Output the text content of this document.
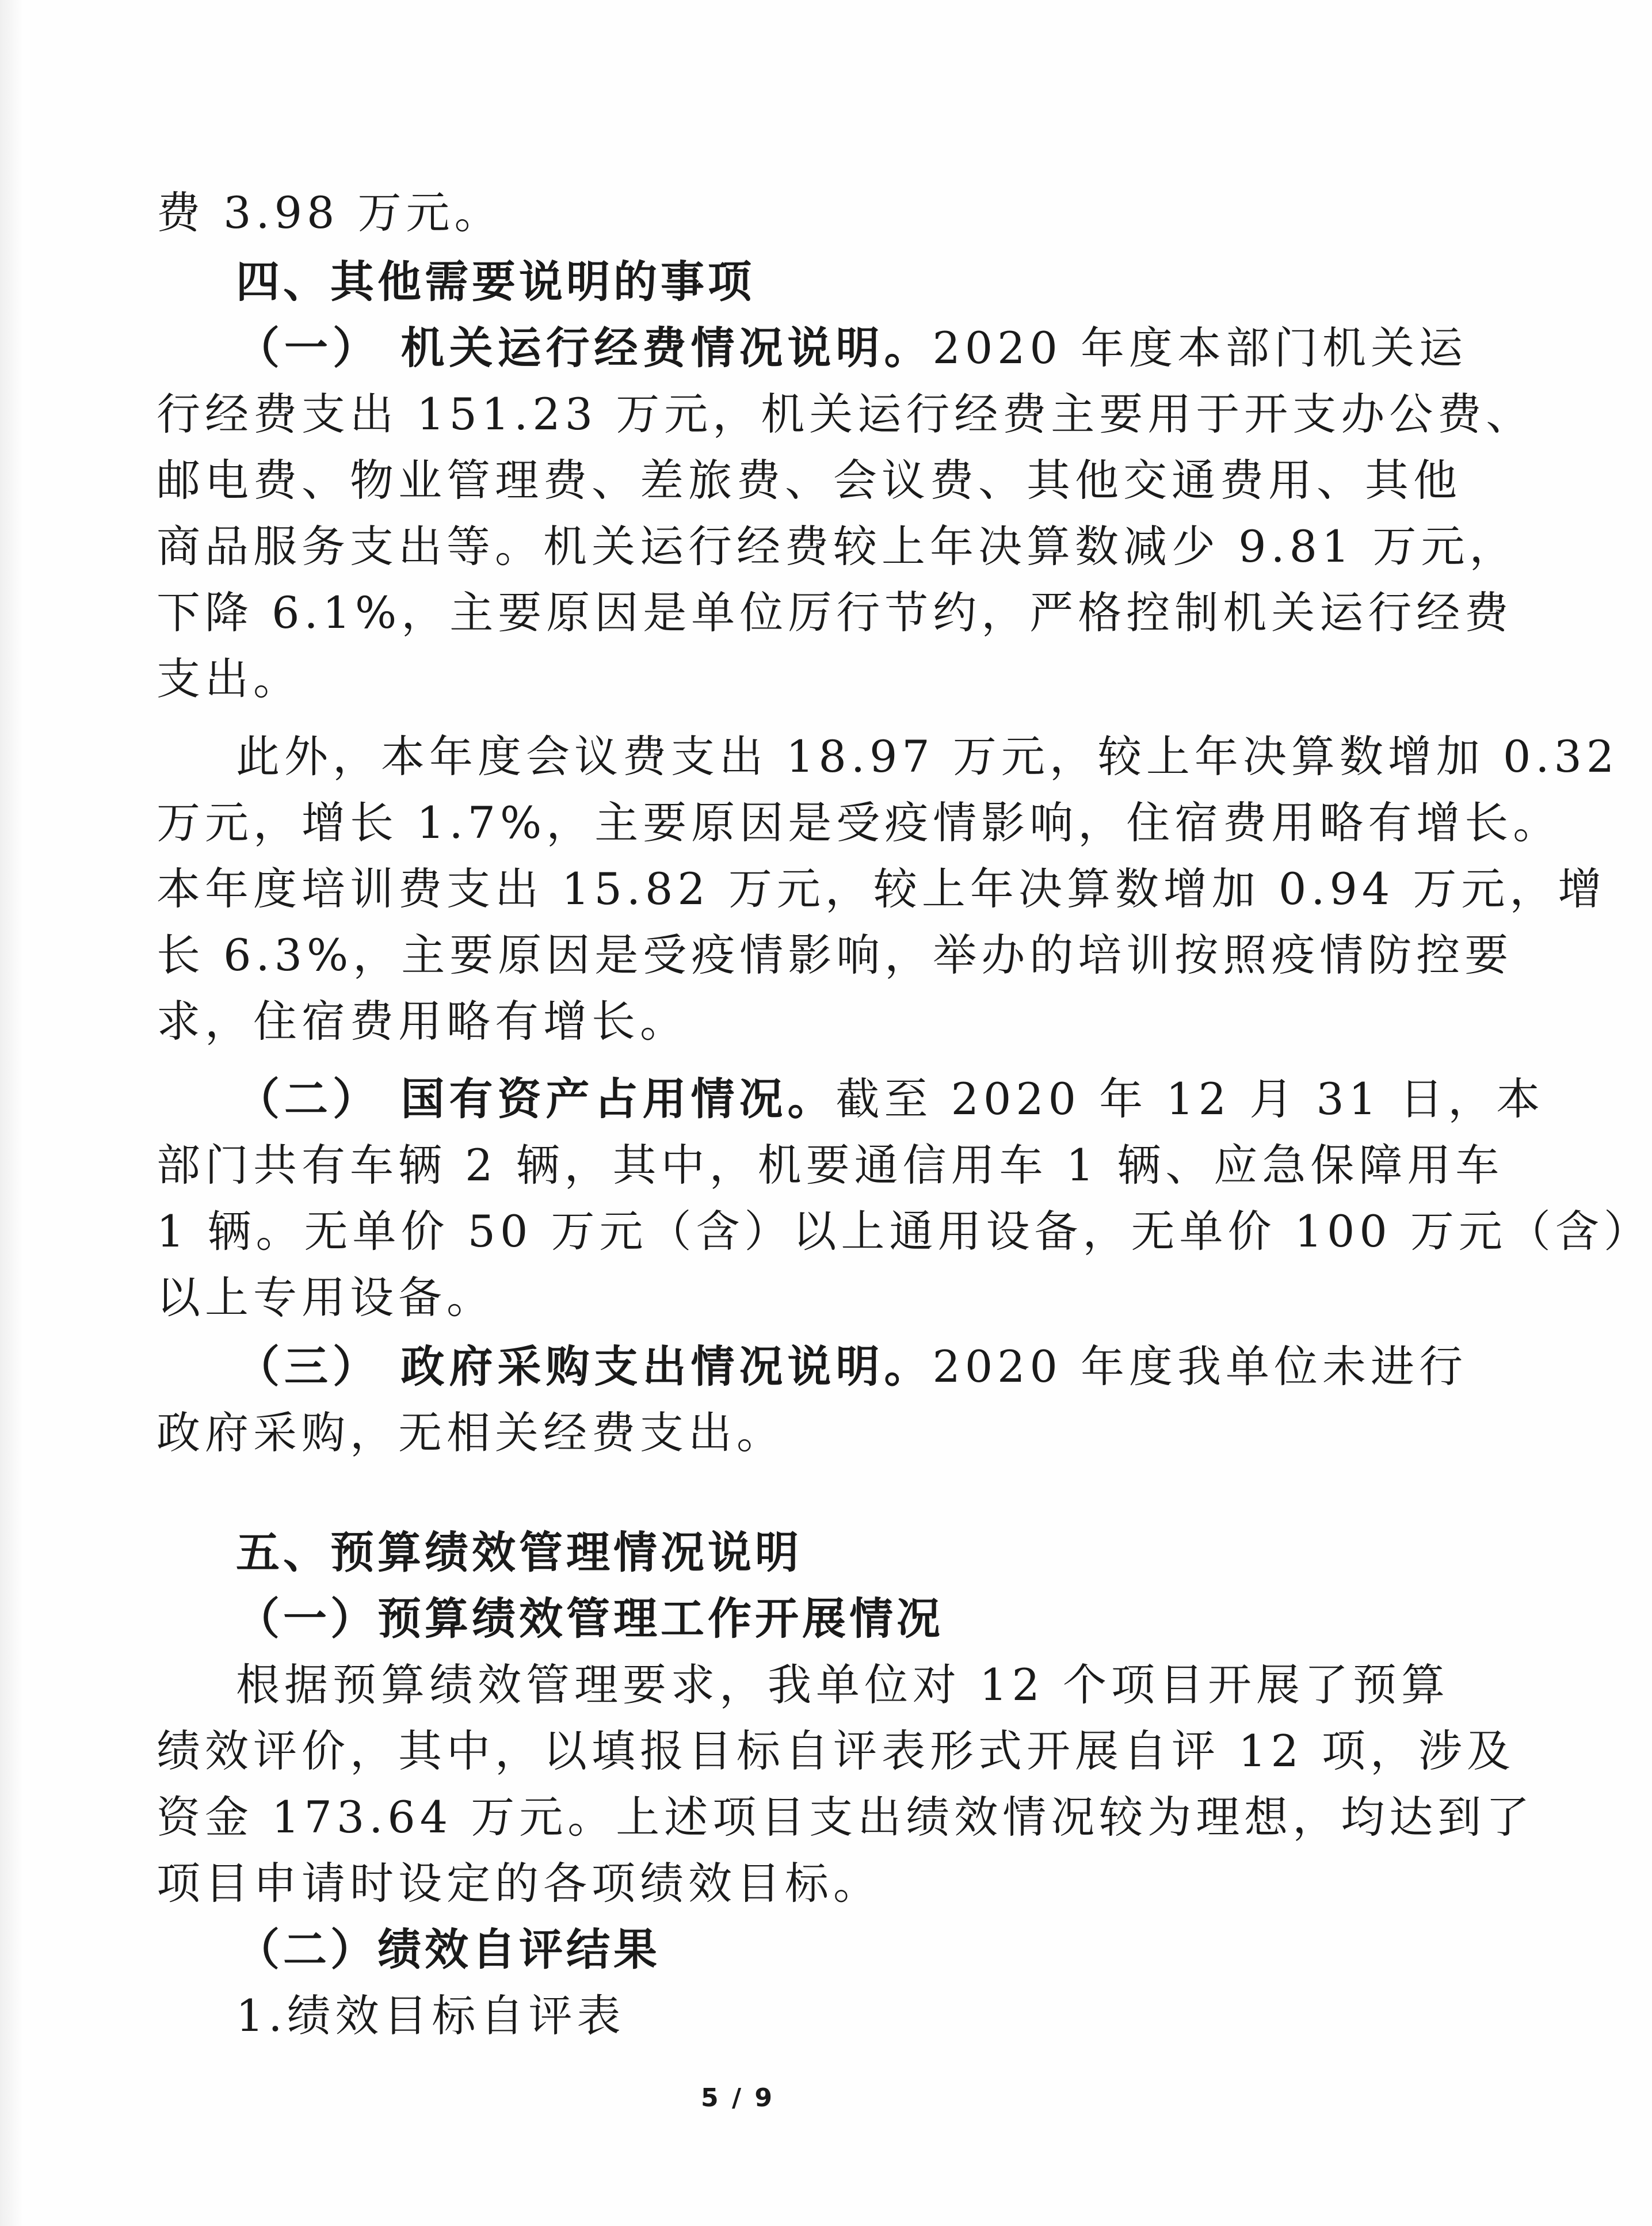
费 3.98 万元。
四、其他需要说明的事项
（一） 机关运行经费情况说明。2020 年度本部门机关运
行经费支出 151.23 万元，机关运行经费主要用于开支办公费、
邮电费、物业管理费、差旅费、会议费、其他交通费用、其他
商品服务支出等。机关运行经费较上年决算数减少 9.81 万元，
下降 6.1%，主要原因是单位厉行节约，严格控制机关运行经费
支出。
此外，本年度会议费支出 18.97 万元，较上年决算数增加 0.32
万元，增长 1.7%，主要原因是受疫情影响，住宿费用略有增长。
本年度培训费支出 15.82 万元，较上年决算数增加 0.94 万元，增
长 6.3%，主要原因是受疫情影响，举办的培训按照疫情防控要
求，住宿费用略有增长。
（二） 国有资产占用情况。截至 2020 年 12 月 31 日，本
部门共有车辆 2 辆，其中，机要通信用车 1 辆、应急保障用车
1 辆。无单价 50 万元（含）以上通用设备，无单价 100 万元（含）
以上专用设备。
（三） 政府采购支出情况说明。2020 年度我单位未进行
政府采购，无相关经费支出。
五、预算绩效管理情况说明
（一）预算绩效管理工作开展情况
根据预算绩效管理要求，我单位对 12 个项目开展了预算
绩效评价，其中，以填报目标自评表形式开展自评 12 项，涉及
资金 173.64 万元。上述项目支出绩效情况较为理想，均达到了
项目申请时设定的各项绩效目标。
（二）绩效自评结果
1.绩效目标自评表
5 / 9
